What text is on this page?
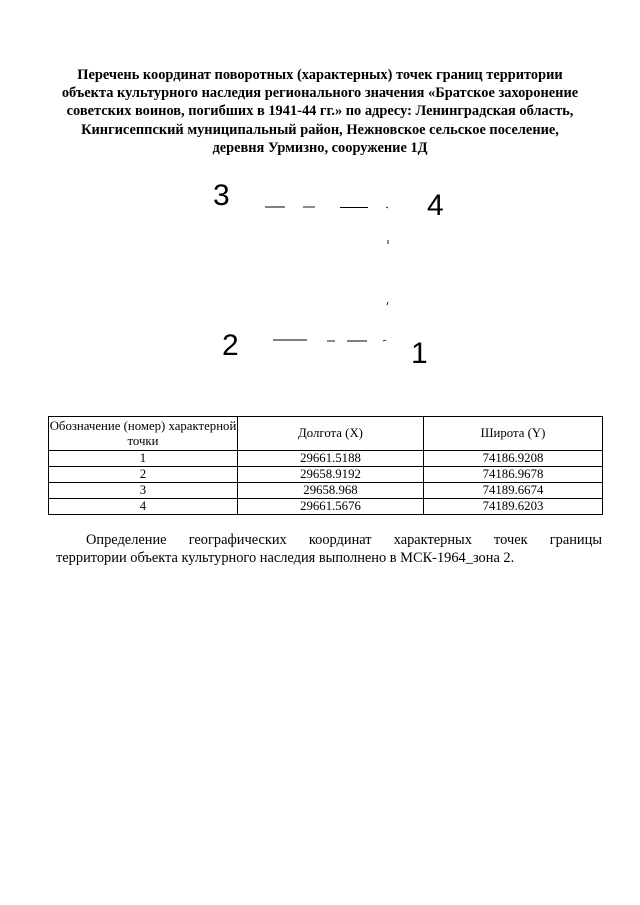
Перечень координат поворотных (характерных) точек границ территории
объекта культурного наследия регионального значения «Братское захоронение
советских воинов, погибших в 1941-44 гг.» по адресу: Ленинградская область,
Кингисеппский муниципальный район, Нежновское сельское поселение,
деревня Урмизно, сооружение 1Д
3	4
2	1
Обозначение (номер) характерной точки	Долгота (X)	Широта (Y)
1	29661.5188	74186.9208
2	29658.9192	74186.9678
3	29658.968	74189.6674
4	29661.5676	74189.6203
Определение географических координат характерных точек границы
территории объекта культурного наследия выполнено в МСК-1964_зона 2.
